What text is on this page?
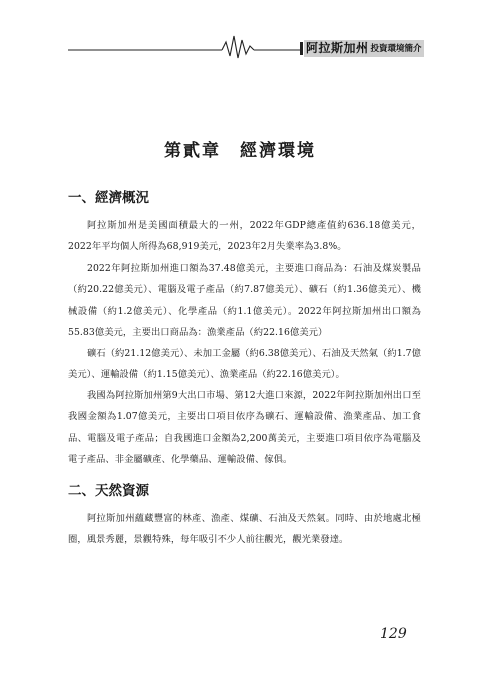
阿拉斯加州 投資環境簡介
第貳章　經濟環境
一、經濟概況

阿拉斯加州是美國面積最大的一州，2022年GDP總產值約636.18億美元，2022年平均個人所得為68,919美元，2023年2月失業率為3.8%。

2022年阿拉斯加州進口額為37.48億美元，主要進口商品為：石油及煤炭製品（約20.22億美元）、電腦及電子產品（約7.87億美元）、礦石（約1.36億美元）、機械設備（約1.2億美元）、化學產品（約1.1億美元）。2022年阿拉斯加州出口額為55.83億美元，主要出口商品為：漁業產品（約22.16億美元）

礦石（約21.12億美元）、未加工金屬（約6.38億美元）、石油及天然氣（約1.7億美元）、運輸設備（約1.15億美元）、漁業產品（約22.16億美元）。

我國為阿拉斯加州第9大出口市場、第12大進口來源，2022年阿拉斯加州出口至我國金額為1.07億美元，主要出口項目依序為礦石、運輸設備、漁業產品、加工食品、電腦及電子產品；自我國進口金額為2,200萬美元，主要進口項目依序為電腦及電子產品、非金屬礦產、化學藥品、運輸設備、傢俱。

二、天然資源

阿拉斯加州蘊藏豐富的林產、漁產、煤礦、石油及天然氣。同時、由於地處北極圈，風景秀麗，景觀特殊，每年吸引不少人前往觀光，觀光業發達。

129
